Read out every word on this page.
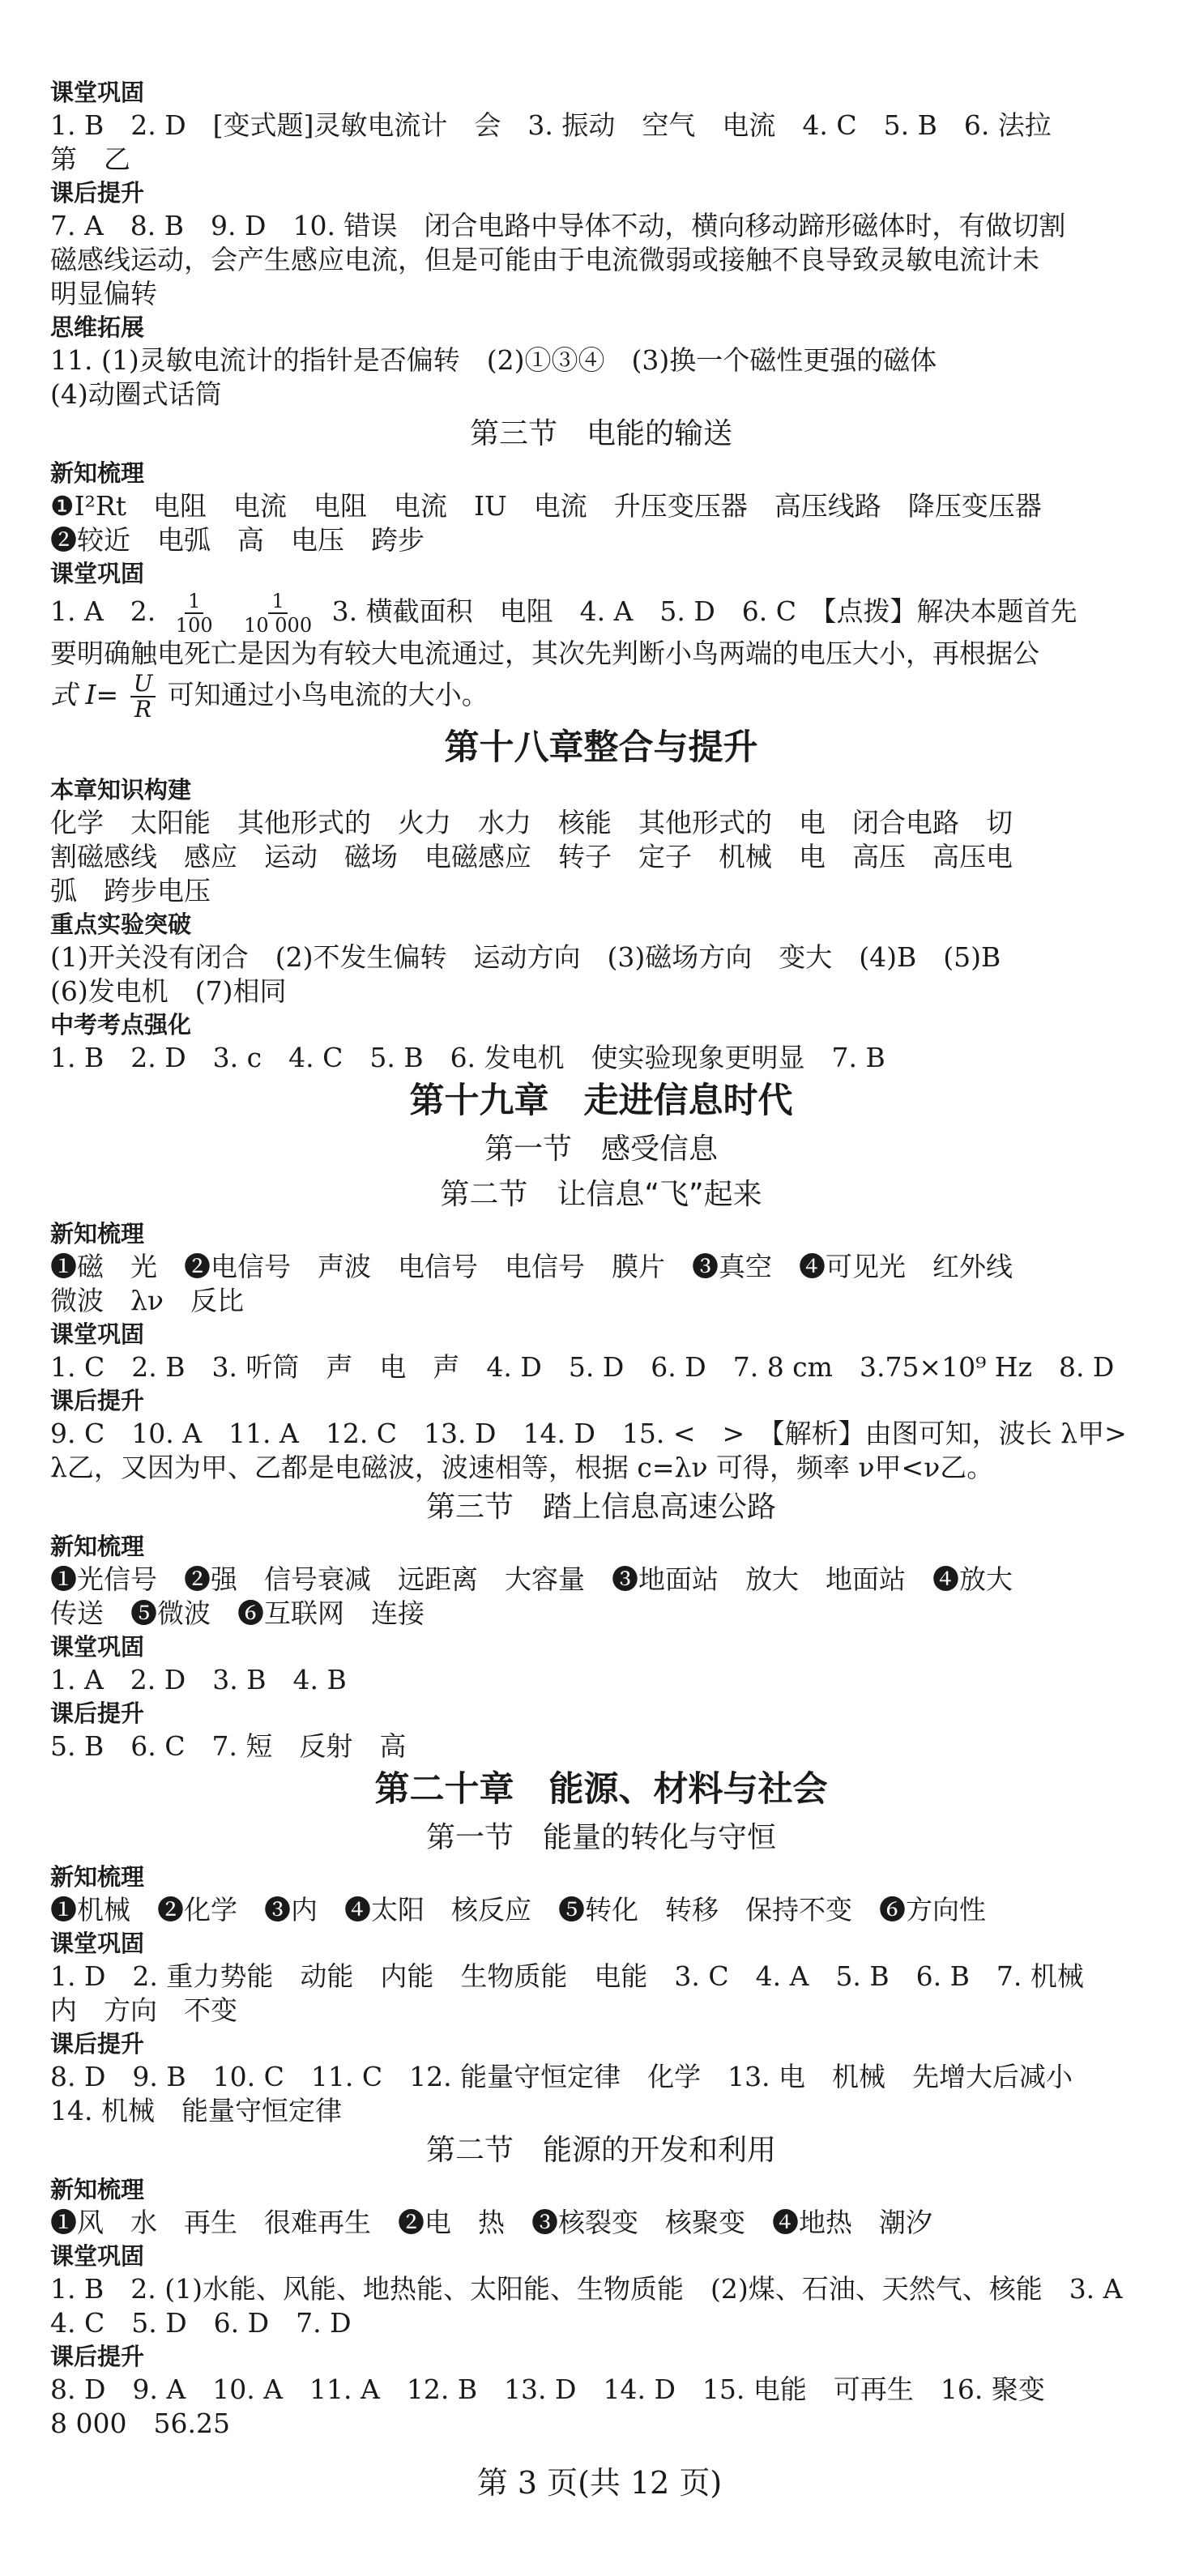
课堂巩固
1. B　2. D　[变式题]灵敏电流计　会　3. 振动　空气　电流　4. C　5. B　6. 法拉
第　乙
课后提升
7. A　8. B　9. D　10. 错误　闭合电路中导体不动，横向移动蹄形磁体时，有做切割
磁感线运动，会产生感应电流，但是可能由于电流微弱或接触不良导致灵敏电流计未
明显偏转
思维拓展
11. (1)灵敏电流计的指针是否偏转　(2)①③④　(3)换一个磁性更强的磁体
(4)动圈式话筒
第三节　电能的输送
新知梳理
❶I²Rt　电阻　电流　电阻　电流　IU　电流　升压变压器　高压线路　降压变压器
❷较近　电弧　高　电压　跨步
课堂巩固
1. A　2. $\frac{1}{100}$
$\frac{1}{10 000} 3$. 横截面积　电阻　4. A　5. D　6. C　【点拨】解决本题首先
要明确触电死亡是因为有较大电流通过，其次先判断小鸟两端的电压大小，再根据公
式 $I= \frac{U}{R}$ 可知通过小鸟电流的大小。
第十八章整合与提升
本章知识构建
化学　太阳能　其他形式的　火力　水力　核能　其他形式的　电　闭合电路　切
割磁感线　感应　运动　磁场　电磁感应　转子　定子　机械　电　高压　高压电
弧　跨步电压
重点实验突破
(1)开关没有闭合　(2)不发生偏转　运动方向　(3)磁场方向　变大　(4)B　(5)B
(6)发电机　(7)相同
中考考点强化
1. B　2. D　3. c　4. C　5. B　6. 发电机　使实验现象更明显　7. B
第十九章　走进信息时代
第一节　感受信息
第二节　让信息“飞”起来
新知梳理
❶磁　光　❷电信号　声波　电信号　电信号　膜片　❸真空　❹可见光　红外线
微波　λν　反比
课堂巩固
1. C　2. B　3. 听筒　声　电　声　4. D　5. D　6. D　7. 8 cm　3.75×10⁹ Hz　8. D
课后提升
9. C　10. A　11. A　12. C　13. D　14. D　15. <　>　【解析】由图可知，波长 λ甲>
λ乙，又因为甲、乙都是电磁波，波速相等，根据 c=λν 可得，频率 ν甲<ν乙。
第三节　踏上信息高速公路
新知梳理
❶光信号　❷强　信号衰减　远距离　大容量　❸地面站　放大　地面站　❹放大
传送　❺微波　❻互联网　连接
课堂巩固
1. A　2. D　3. B　4. B
课后提升
5. B　6. C　7. 短　反射　高
第二十章　能源、材料与社会
第一节　能量的转化与守恒
新知梳理
❶机械　❷化学　❸内　❹太阳　核反应　❺转化　转移　保持不变　❻方向性
课堂巩固
1. D　2. 重力势能　动能　内能　生物质能　电能　3. C　4. A　5. B　6. B　7. 机械
内　方向　不变
课后提升
8. D　9. B　10. C　11. C　12. 能量守恒定律　化学　13. 电　机械　先增大后减小
14. 机械　能量守恒定律
第二节　能源的开发和利用
新知梳理
❶风　水　再生　很难再生　❷电　热　❸核裂变　核聚变　❹地热　潮汐
课堂巩固
1. B　2. (1)水能、风能、地热能、太阳能、生物质能　(2)煤、石油、天然气、核能　3. A
4. C　5. D　6. D　7. D
课后提升
8. D　9. A　10. A　11. A　12. B　13. D　14. D　15. 电能　可再生　16. 聚变
8 000　56.25
第 3 页(共 12 页)
